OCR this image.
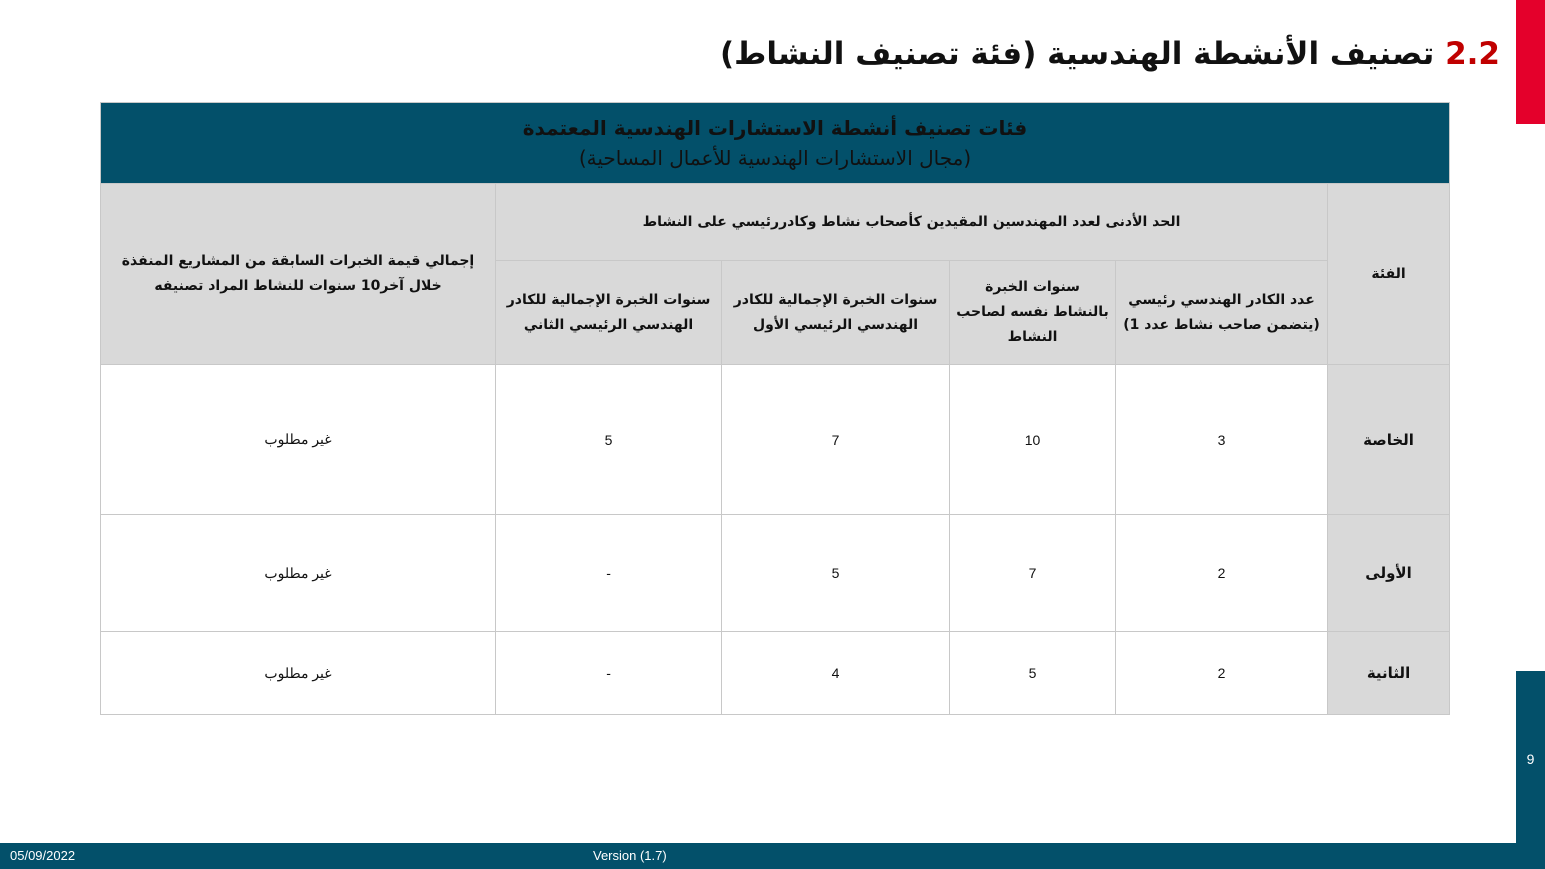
2.2 تصنيف الأنشطة الهندسية (فئة تصنيف النشاط)
فئات تصنيف أنشطة الاستشارات الهندسية المعتمدة
(مجال الاستشارات الهندسية للأعمال المساحية)					

الفئة	الحد الأدنى لعدد المهندسين المقيدين كأصحاب نشاط وكادررئيسي على النشاط				إجمالي قيمة الخبرات السابقة من المشاريع المنفذة خلال آخر10 سنوات للنشاط المراد تصنيفه
	عدد الكادر الهندسي رئيسي (يتضمن صاحب نشاط عدد 1)	سنوات الخبرة بالنشاط نفسه لصاحب النشاط	سنوات الخبرة الإجمالية للكادر الهندسي الرئيسي الأول	سنوات الخبرة الإجمالية للكادر الهندسي الرئيسي الثاني	
الخاصة	3	10	7	5	غير مطلوب
الأولى	2	7	5	-	غير مطلوب
الثانية	2	5	4	-	غير مطلوب
9
05/09/2022	Version (1.7)
